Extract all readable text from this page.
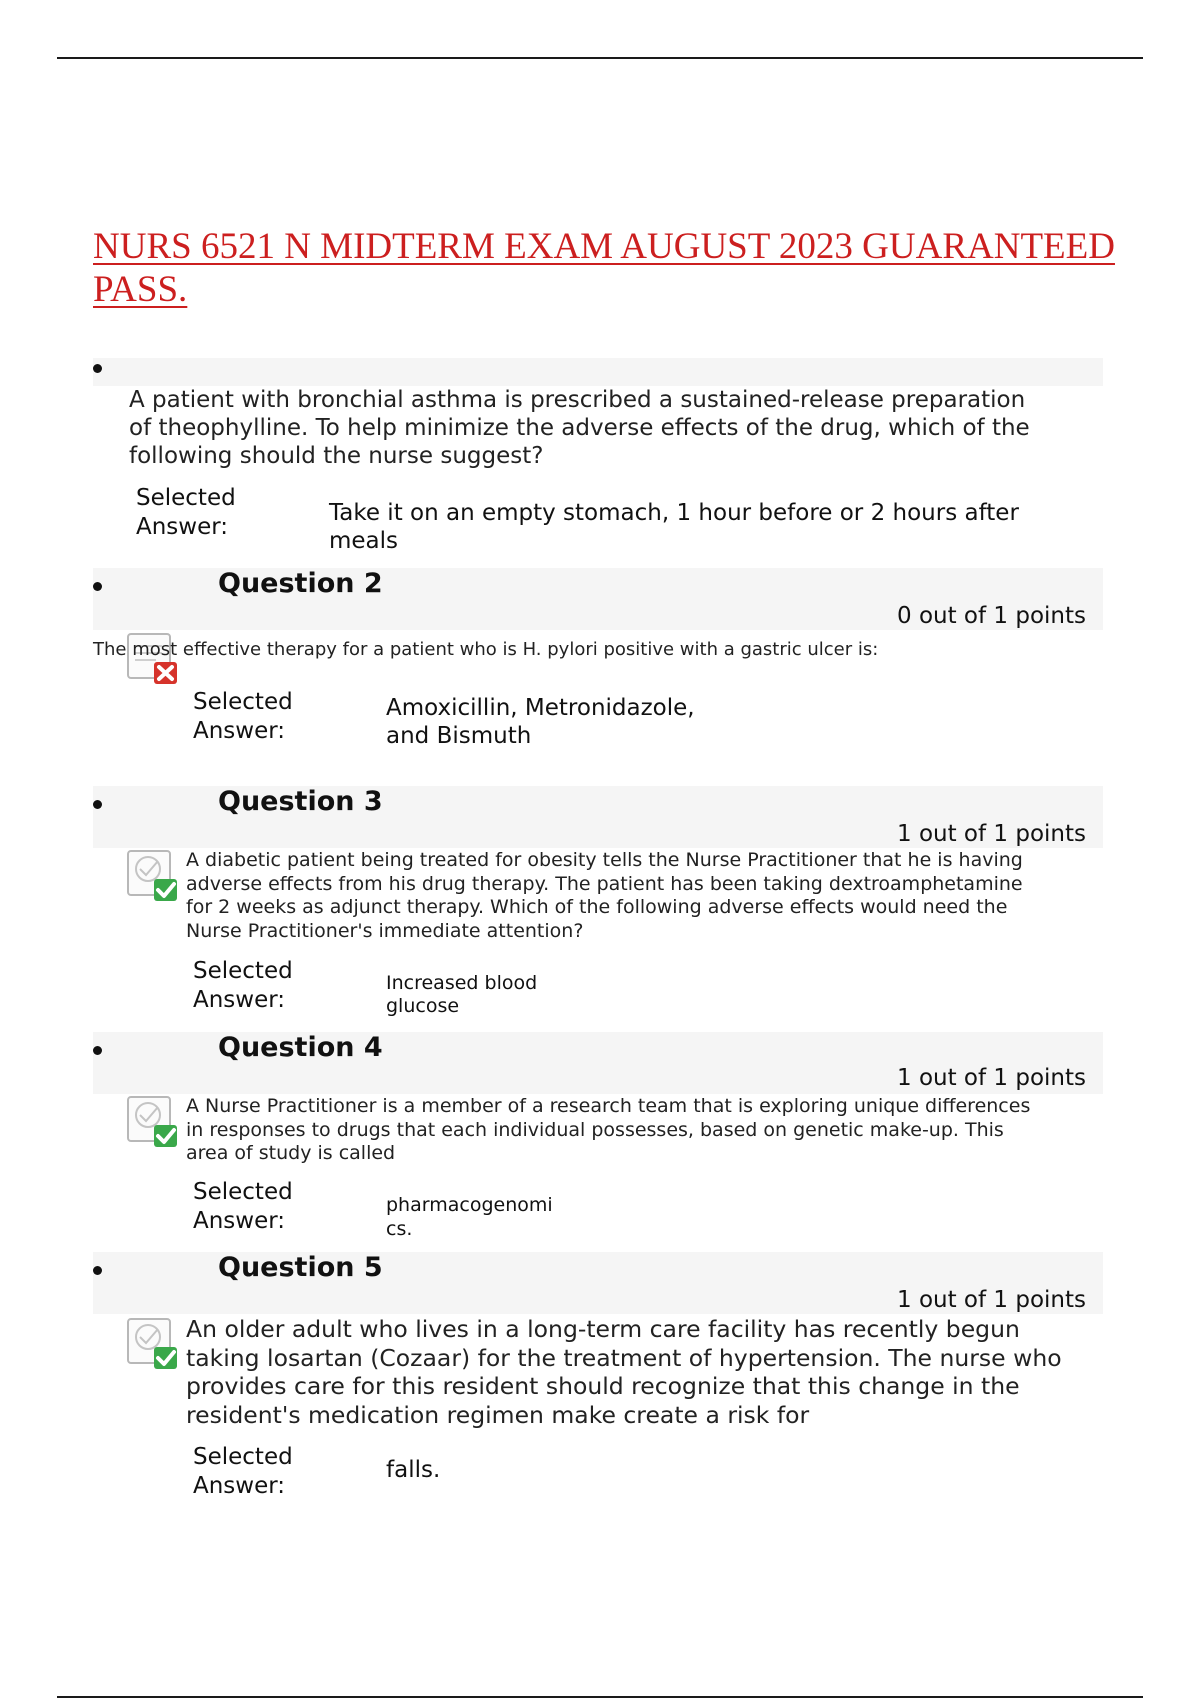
NURS 6521 N MIDTERM EXAM AUGUST 2023 GUARANTEED PASS.

A patient with bronchial asthma is prescribed a sustained-release preparation of theophylline. To help minimize the adverse effects of the drug, which of the following should the nurse suggest?

Selected Answer:

Take it on an empty stomach, 1 hour before or 2 hours after meals

Question 2
0 out of 1 points

The most effective therapy for a patient who is H. pylori positive with a gastric ulcer is:

Selected Answer:

Amoxicillin, Metronidazole, and Bismuth

Question 3
1 out of 1 points

A diabetic patient being treated for obesity tells the Nurse Practitioner that he is having adverse effects from his drug therapy. The patient has been taking dextroamphetamine for 2 weeks as adjunct therapy. Which of the following adverse effects would need the Nurse Practitioner's immediate attention?

Selected Answer:

Increased blood glucose

Question 4
1 out of 1 points

A Nurse Practitioner is a member of a research team that is exploring unique differences in responses to drugs that each individual possesses, based on genetic make-up. This area of study is called

Selected Answer:

pharmacogenomics.

Question 5
1 out of 1 points

An older adult who lives in a long-term care facility has recently begun taking losartan (Cozaar) for the treatment of hypertension. The nurse who provides care for this resident should recognize that this change in the resident's medication regimen make create a risk for

Selected Answer:

falls.
